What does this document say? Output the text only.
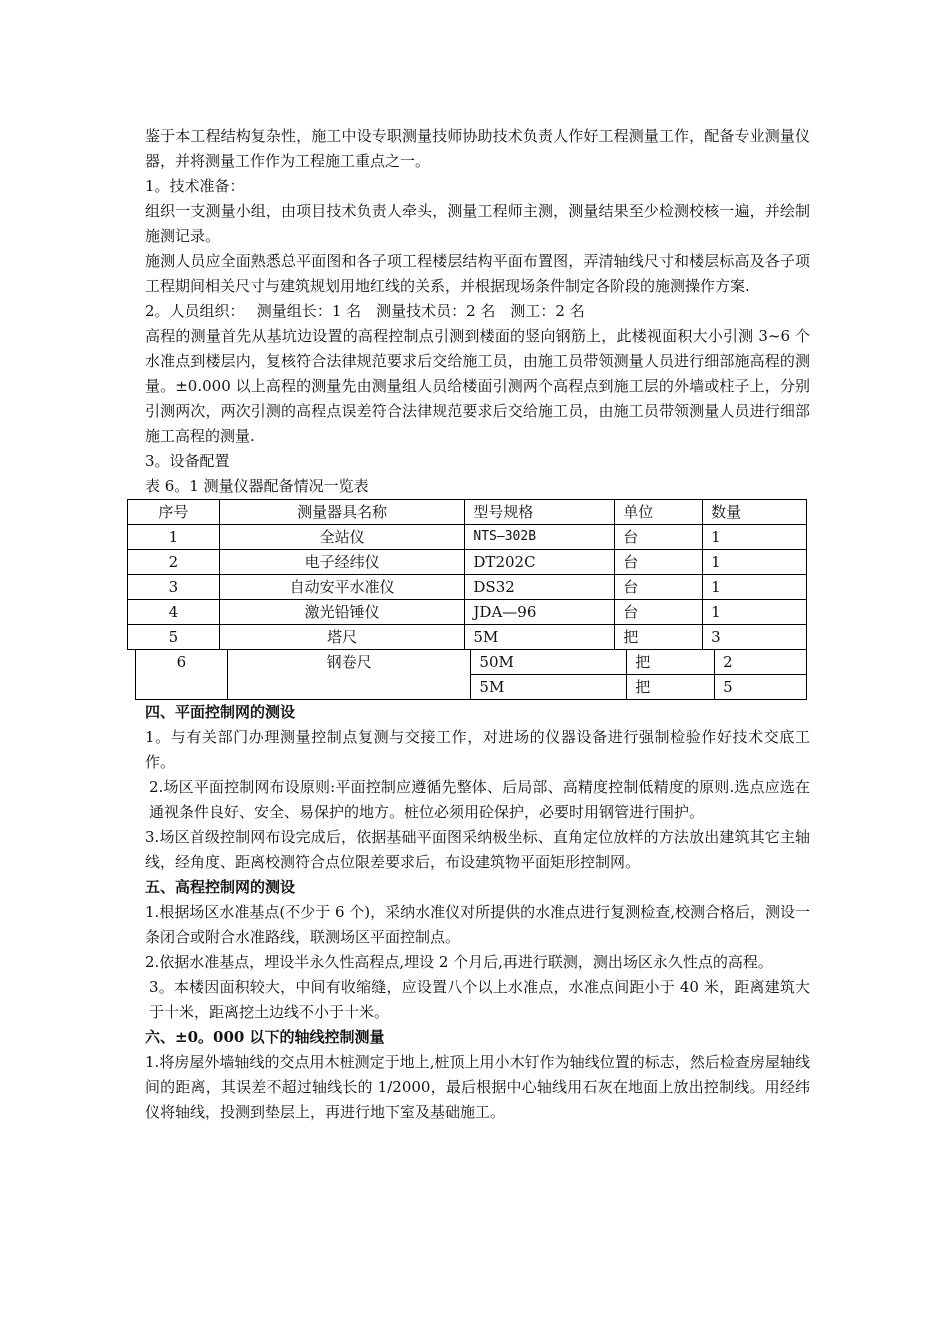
鉴于本工程结构复杂性，施工中设专职测量技师协助技术负责人作好工程测量工作，配备专业测量仪器，并将测量工作作为工程施工重点之一。

1。技术准备：

组织一支测量小组，由项目技术负责人牵头，测量工程师主测，测量结果至少检测校核一遍，并绘制施测记录。

施测人员应全面熟悉总平面图和各子项工程楼层结构平面布置图，弄清轴线尺寸和楼层标高及各子项工程期间相关尺寸与建筑规划用地红线的关系，并根据现场条件制定各阶段的施测操作方案.

2。人员组织：　 测量组长：1 名　测量技术员：2 名　测工：2 名

高程的测量首先从基坑边设置的高程控制点引测到楼面的竖向钢筋上，此楼视面积大小引测 3~6 个水准点到楼层内，复核符合法律规范要求后交给施工员，由施工员带领测量人员进行细部施高程的测量。±0.000 以上高程的测量先由测量组人员给楼面引测两个高程点到施工层的外墙或柱子上，分别引测两次，两次引测的高程点误差符合法律规范要求后交给施工员，由施工员带领测量人员进行细部施工高程的测量.

3。设备配置

表 6。1 测量仪器配备情况一览表

序号	测量器具名称	型号规格	单位	数量
1	全站仪	NTS—302B	台	1
2	电子经纬仪	DT202C	台	1
3	自动安平水准仪	DS32	台	1
4	激光铅锤仪	JDA—96	台	1
5	塔尺	5M	把	3
6	钢卷尺	50M	把	2
		5M	把	5

四、平面控制网的测设

1。与有关部门办理测量控制点复测与交接工作，对进场的仪器设备进行强制检验作好技术交底工作。

2.场区平面控制网布设原则:平面控制应遵循先整体、后局部、高精度控制低精度的原则.选点应选在通视条件良好、安全、易保护的地方。桩位必须用砼保护，必要时用钢管进行围护。

3.场区首级控制网布设完成后，依据基础平面图采纳极坐标、直角定位放样的方法放出建筑其它主轴线，经角度、距离校测符合点位限差要求后，布设建筑物平面矩形控制网。

五、高程控制网的测设

1.根据场区水准基点(不少于 6 个)，采纳水准仪对所提供的水准点进行复测检查,校测合格后，测设一条闭合或附合水准路线，联测场区平面控制点。

2.依据水准基点，埋设半永久性高程点,埋设 2 个月后,再进行联测，测出场区永久性点的高程。

3。本楼因面积较大，中间有收缩缝，应设置八个以上水准点，水准点间距小于 40 米，距离建筑大于十米，距离挖土边线不小于十米。

六、±0。000 以下的轴线控制测量

1.将房屋外墙轴线的交点用木桩测定于地上,桩顶上用小木钉作为轴线位置的标志，然后检查房屋轴线间的距离，其误差不超过轴线长的 1/2000，最后根据中心轴线用石灰在地面上放出控制线。用经纬仪将轴线，投测到垫层上，再进行地下室及基础施工。
